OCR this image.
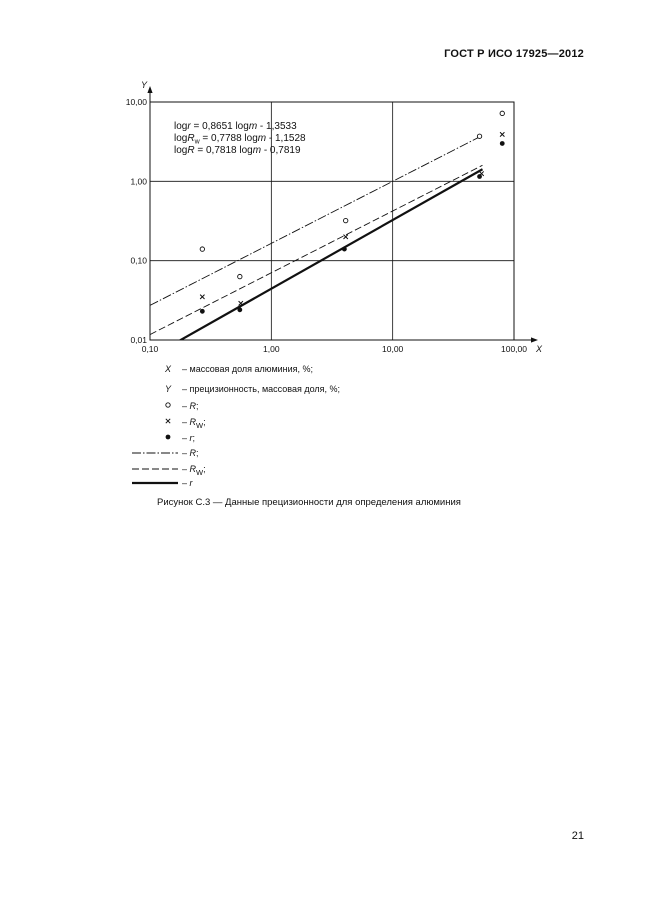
ГОСТ Р ИСО 17925—2012
0,10	1,00	10,00	100,00
0,01
0,10
1,00
10,00
X
Y
logr = 0,8651 logm - 1,3533
logR$_w$ = 0,7788 logm - 1,1528
logR = 0,7818 logm - 0,7819
X	– массовая доля алюминия, %;
Y	– прецизионность, массовая доля, %;
– R;
– $R_W$;
– r;
– R;
– $R_W$;
– r
Рисунок С.3 — Данные прецизионности для определения алюминия
21
